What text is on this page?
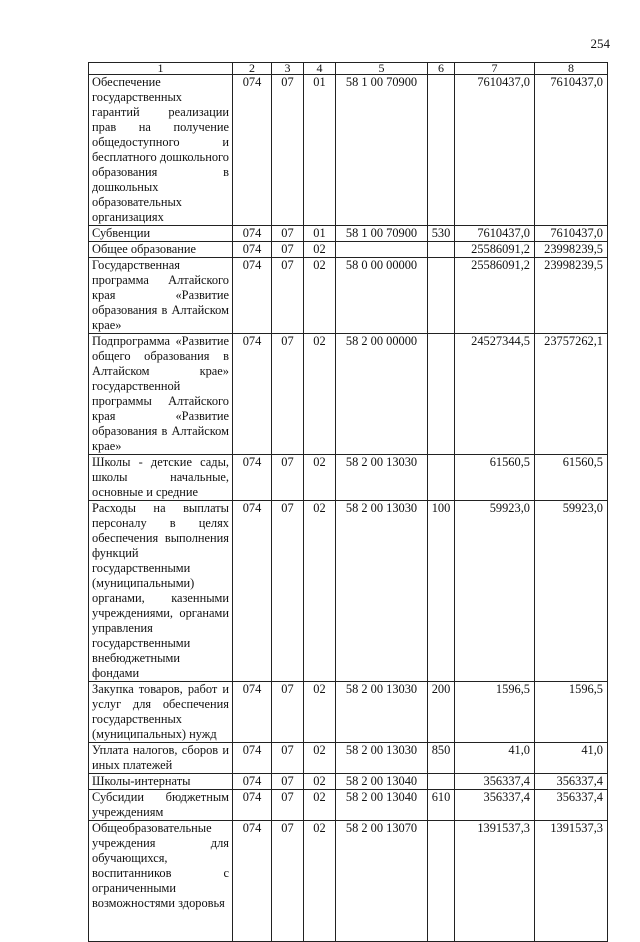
254
1	2	3	4	5	6	7	8
Обеспечение государственных гарантий реализации прав на получение общедоступного и бесплатного дошкольного образования в дошкольных образовательных организациях	074	07	01	58 1 00 70900		7610437,0	7610437,0
Субвенции	074	07	01	58 1 00 70900	530	7610437,0	7610437,0
Общее образование	074	07	02			25586091,2	23998239,5
Государственная программа Алтайского края «Развитие образования в Алтайском крае»	074	07	02	58 0 00 00000		25586091,2	23998239,5
Подпрограмма «Развитие общего образования в Алтайском крае» государственной программы Алтайского края «Развитие образования в Алтайском крае»	074	07	02	58 2 00 00000		24527344,5	23757262,1
Школы - детские сады, школы начальные, основные и средние	074	07	02	58 2 00 13030		61560,5	61560,5
Расходы на выплаты персоналу в целях обеспечения выполнения функций государственными (муниципальными) органами, казенными учреждениями, органами управления государственными внебюджетными фондами	074	07	02	58 2 00 13030	100	59923,0	59923,0
Закупка товаров, работ и услуг для обеспечения государственных (муниципальных) нужд	074	07	02	58 2 00 13030	200	1596,5	1596,5
Уплата налогов, сборов и иных платежей	074	07	02	58 2 00 13030	850	41,0	41,0
Школы-интернаты	074	07	02	58 2 00 13040		356337,4	356337,4
Субсидии бюджетным учреждениям	074	07	02	58 2 00 13040	610	356337,4	356337,4
Общеобразовательные учреждения для обучающихся, воспитанников с ограниченными возможностями здоровья	074	07	02	58 2 00 13070		1391537,3	1391537,3
